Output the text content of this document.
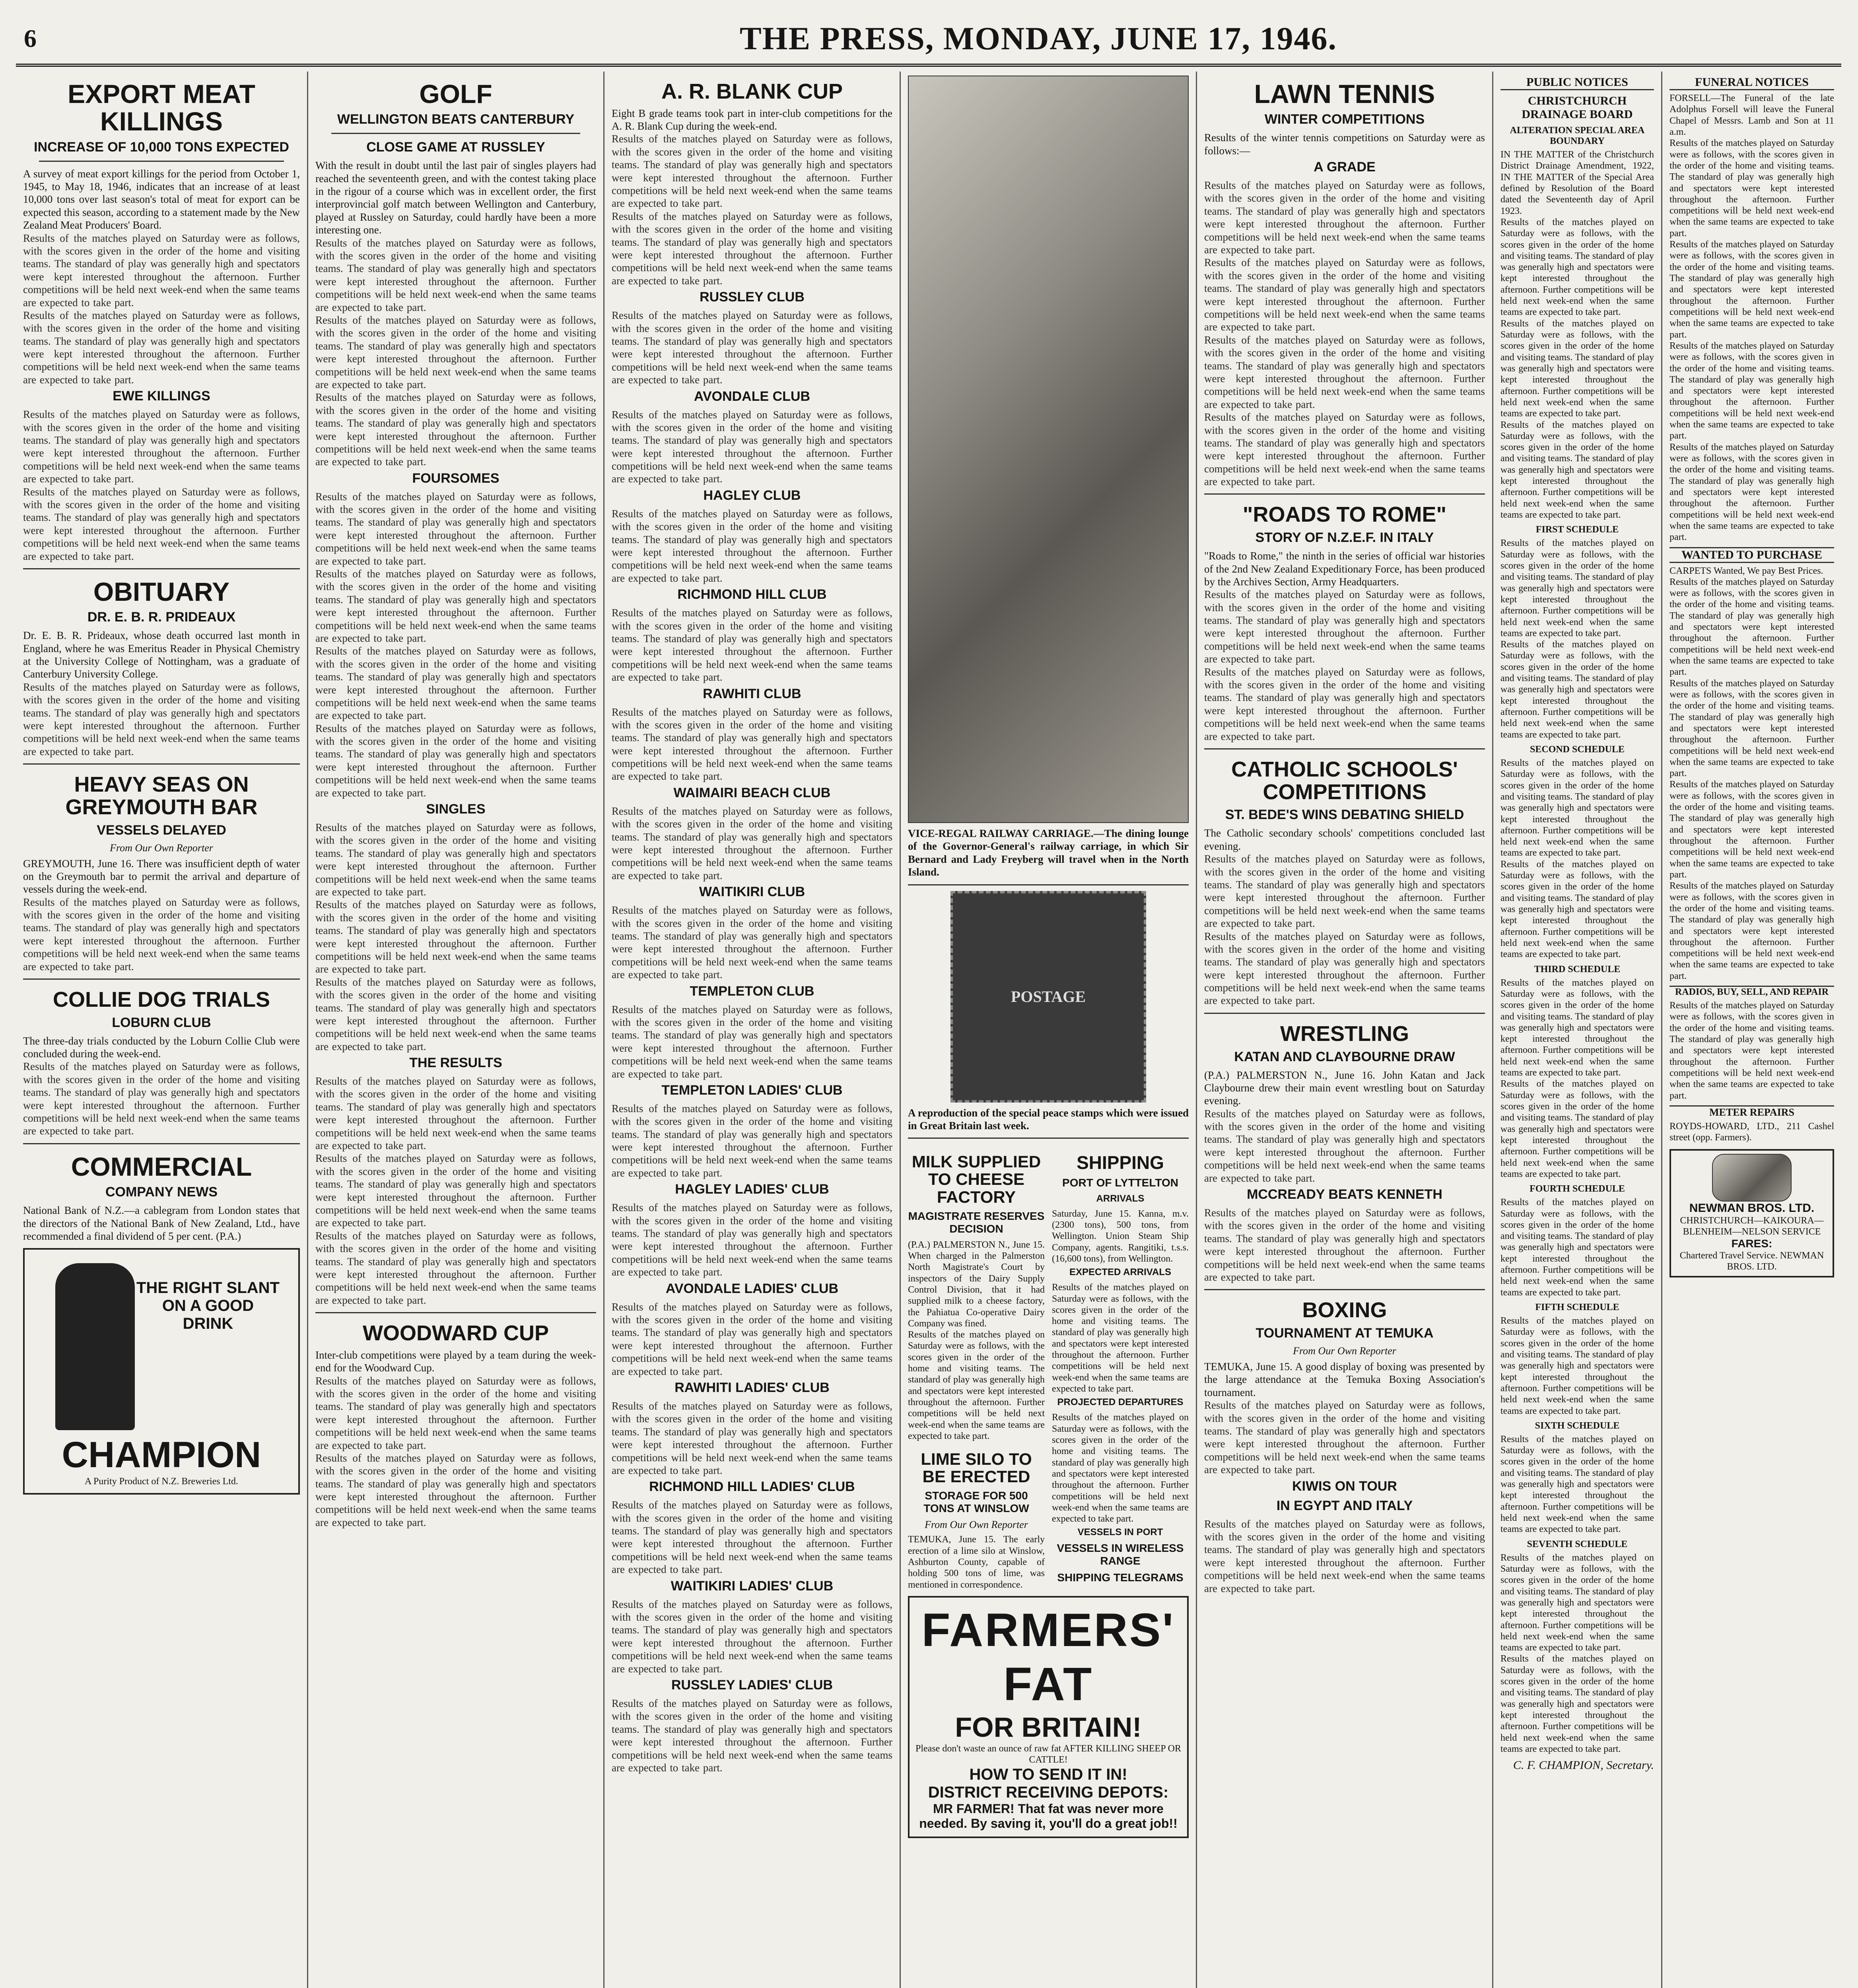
6	THE PRESS, MONDAY, JUNE 17, 1946.
EXPORT MEAT KILLINGS
INCREASE OF 10,000 TONS EXPECTED

A survey of meat export killings for the period from October 1, 1945, to May 18, 1946, indicates that an increase of at least 10,000 tons over last season's total of meat for export can be expected this season, according to a statement made by the New Zealand Meat Producers' Board.

Results of the matches played on Saturday were as follows, with the scores given in the order of the home and visiting teams. The standard of play was generally high and spectators were kept interested throughout the afternoon. Further competitions will be held next week-end when the same teams are expected to take part.

Results of the matches played on Saturday were as follows, with the scores given in the order of the home and visiting teams. The standard of play was generally high and spectators were kept interested throughout the afternoon. Further competitions will be held next week-end when the same teams are expected to take part.

EWE KILLINGS

Results of the matches played on Saturday were as follows, with the scores given in the order of the home and visiting teams. The standard of play was generally high and spectators were kept interested throughout the afternoon. Further competitions will be held next week-end when the same teams are expected to take part.

Results of the matches played on Saturday were as follows, with the scores given in the order of the home and visiting teams. The standard of play was generally high and spectators were kept interested throughout the afternoon. Further competitions will be held next week-end when the same teams are expected to take part.

OBITUARY
DR. E. B. R. PRIDEAUX

Dr. E. B. R. Prideaux, whose death occurred last month in England, where he was Emeritus Reader in Physical Chemistry at the University College of Nottingham, was a graduate of Canterbury University College.

Results of the matches played on Saturday were as follows, with the scores given in the order of the home and visiting teams. The standard of play was generally high and spectators were kept interested throughout the afternoon. Further competitions will be held next week-end when the same teams are expected to take part.

HEAVY SEAS ON GREYMOUTH BAR
VESSELS DELAYED
From Our Own Reporter

GREYMOUTH, June 16. There was insufficient depth of water on the Greymouth bar to permit the arrival and departure of vessels during the week-end.

Results of the matches played on Saturday were as follows, with the scores given in the order of the home and visiting teams. The standard of play was generally high and spectators were kept interested throughout the afternoon. Further competitions will be held next week-end when the same teams are expected to take part.

COLLIE DOG TRIALS
LOBURN CLUB

The three-day trials conducted by the Loburn Collie Club were concluded during the week-end.

Results of the matches played on Saturday were as follows, with the scores given in the order of the home and visiting teams. The standard of play was generally high and spectators were kept interested throughout the afternoon. Further competitions will be held next week-end when the same teams are expected to take part.

COMMERCIAL
COMPANY NEWS

National Bank of N.Z.—a cablegram from London states that the directors of the National Bank of New Zealand, Ltd., have recommended a final dividend of 5 per cent. (P.A.)

THE RIGHT SLANT ON A GOOD DRINK
CHAMPION
A Purity Product of N.Z. Breweries Ltd.
GOLF
WELLINGTON BEATS CANTERBURY
CLOSE GAME AT RUSSLEY

With the result in doubt until the last pair of singles players had reached the seventeenth green, and with the contest taking place in the rigour of a course which was in excellent order, the first interprovincial golf match between Wellington and Canterbury, played at Russley on Saturday, could hardly have been a more interesting one.

Results of the matches played on Saturday were as follows, with the scores given in the order of the home and visiting teams. The standard of play was generally high and spectators were kept interested throughout the afternoon. Further competitions will be held next week-end when the same teams are expected to take part.

Results of the matches played on Saturday were as follows, with the scores given in the order of the home and visiting teams. The standard of play was generally high and spectators were kept interested throughout the afternoon. Further competitions will be held next week-end when the same teams are expected to take part.

Results of the matches played on Saturday were as follows, with the scores given in the order of the home and visiting teams. The standard of play was generally high and spectators were kept interested throughout the afternoon. Further competitions will be held next week-end when the same teams are expected to take part.

FOURSOMES

Results of the matches played on Saturday were as follows, with the scores given in the order of the home and visiting teams. The standard of play was generally high and spectators were kept interested throughout the afternoon. Further competitions will be held next week-end when the same teams are expected to take part.

Results of the matches played on Saturday were as follows, with the scores given in the order of the home and visiting teams. The standard of play was generally high and spectators were kept interested throughout the afternoon. Further competitions will be held next week-end when the same teams are expected to take part.

Results of the matches played on Saturday were as follows, with the scores given in the order of the home and visiting teams. The standard of play was generally high and spectators were kept interested throughout the afternoon. Further competitions will be held next week-end when the same teams are expected to take part.

Results of the matches played on Saturday were as follows, with the scores given in the order of the home and visiting teams. The standard of play was generally high and spectators were kept interested throughout the afternoon. Further competitions will be held next week-end when the same teams are expected to take part.

SINGLES

Results of the matches played on Saturday were as follows, with the scores given in the order of the home and visiting teams. The standard of play was generally high and spectators were kept interested throughout the afternoon. Further competitions will be held next week-end when the same teams are expected to take part.

Results of the matches played on Saturday were as follows, with the scores given in the order of the home and visiting teams. The standard of play was generally high and spectators were kept interested throughout the afternoon. Further competitions will be held next week-end when the same teams are expected to take part.

Results of the matches played on Saturday were as follows, with the scores given in the order of the home and visiting teams. The standard of play was generally high and spectators were kept interested throughout the afternoon. Further competitions will be held next week-end when the same teams are expected to take part.

THE RESULTS

Results of the matches played on Saturday were as follows, with the scores given in the order of the home and visiting teams. The standard of play was generally high and spectators were kept interested throughout the afternoon. Further competitions will be held next week-end when the same teams are expected to take part.

Results of the matches played on Saturday were as follows, with the scores given in the order of the home and visiting teams. The standard of play was generally high and spectators were kept interested throughout the afternoon. Further competitions will be held next week-end when the same teams are expected to take part.

Results of the matches played on Saturday were as follows, with the scores given in the order of the home and visiting teams. The standard of play was generally high and spectators were kept interested throughout the afternoon. Further competitions will be held next week-end when the same teams are expected to take part.

WOODWARD CUP

Inter-club competitions were played by a team during the week-end for the Woodward Cup.

Results of the matches played on Saturday were as follows, with the scores given in the order of the home and visiting teams. The standard of play was generally high and spectators were kept interested throughout the afternoon. Further competitions will be held next week-end when the same teams are expected to take part.

Results of the matches played on Saturday were as follows, with the scores given in the order of the home and visiting teams. The standard of play was generally high and spectators were kept interested throughout the afternoon. Further competitions will be held next week-end when the same teams are expected to take part.

A. R. BLANK CUP

Eight B grade teams took part in inter-club competitions for the A. R. Blank Cup during the week-end.

Results of the matches played on Saturday were as follows, with the scores given in the order of the home and visiting teams. The standard of play was generally high and spectators were kept interested throughout the afternoon. Further competitions will be held next week-end when the same teams are expected to take part.

Results of the matches played on Saturday were as follows, with the scores given in the order of the home and visiting teams. The standard of play was generally high and spectators were kept interested throughout the afternoon. Further competitions will be held next week-end when the same teams are expected to take part.

RUSSLEY CLUB

Results of the matches played on Saturday were as follows, with the scores given in the order of the home and visiting teams. The standard of play was generally high and spectators were kept interested throughout the afternoon. Further competitions will be held next week-end when the same teams are expected to take part.

AVONDALE CLUB

Results of the matches played on Saturday were as follows, with the scores given in the order of the home and visiting teams. The standard of play was generally high and spectators were kept interested throughout the afternoon. Further competitions will be held next week-end when the same teams are expected to take part.

HAGLEY CLUB

Results of the matches played on Saturday were as follows, with the scores given in the order of the home and visiting teams. The standard of play was generally high and spectators were kept interested throughout the afternoon. Further competitions will be held next week-end when the same teams are expected to take part.

RICHMOND HILL CLUB

Results of the matches played on Saturday were as follows, with the scores given in the order of the home and visiting teams. The standard of play was generally high and spectators were kept interested throughout the afternoon. Further competitions will be held next week-end when the same teams are expected to take part.

RAWHITI CLUB

Results of the matches played on Saturday were as follows, with the scores given in the order of the home and visiting teams. The standard of play was generally high and spectators were kept interested throughout the afternoon. Further competitions will be held next week-end when the same teams are expected to take part.

WAIMAIRI BEACH CLUB

Results of the matches played on Saturday were as follows, with the scores given in the order of the home and visiting teams. The standard of play was generally high and spectators were kept interested throughout the afternoon. Further competitions will be held next week-end when the same teams are expected to take part.

WAITIKIRI CLUB

Results of the matches played on Saturday were as follows, with the scores given in the order of the home and visiting teams. The standard of play was generally high and spectators were kept interested throughout the afternoon. Further competitions will be held next week-end when the same teams are expected to take part.

TEMPLETON CLUB

Results of the matches played on Saturday were as follows, with the scores given in the order of the home and visiting teams. The standard of play was generally high and spectators were kept interested throughout the afternoon. Further competitions will be held next week-end when the same teams are expected to take part.

TEMPLETON LADIES' CLUB

Results of the matches played on Saturday were as follows, with the scores given in the order of the home and visiting teams. The standard of play was generally high and spectators were kept interested throughout the afternoon. Further competitions will be held next week-end when the same teams are expected to take part.

HAGLEY LADIES' CLUB

Results of the matches played on Saturday were as follows, with the scores given in the order of the home and visiting teams. The standard of play was generally high and spectators were kept interested throughout the afternoon. Further competitions will be held next week-end when the same teams are expected to take part.

AVONDALE LADIES' CLUB

Results of the matches played on Saturday were as follows, with the scores given in the order of the home and visiting teams. The standard of play was generally high and spectators were kept interested throughout the afternoon. Further competitions will be held next week-end when the same teams are expected to take part.

RAWHITI LADIES' CLUB

Results of the matches played on Saturday were as follows, with the scores given in the order of the home and visiting teams. The standard of play was generally high and spectators were kept interested throughout the afternoon. Further competitions will be held next week-end when the same teams are expected to take part.

RICHMOND HILL LADIES' CLUB

Results of the matches played on Saturday were as follows, with the scores given in the order of the home and visiting teams. The standard of play was generally high and spectators were kept interested throughout the afternoon. Further competitions will be held next week-end when the same teams are expected to take part.

WAITIKIRI LADIES' CLUB

Results of the matches played on Saturday were as follows, with the scores given in the order of the home and visiting teams. The standard of play was generally high and spectators were kept interested throughout the afternoon. Further competitions will be held next week-end when the same teams are expected to take part.

RUSSLEY LADIES' CLUB

Results of the matches played on Saturday were as follows, with the scores given in the order of the home and visiting teams. The standard of play was generally high and spectators were kept interested throughout the afternoon. Further competitions will be held next week-end when the same teams are expected to take part.

VICE-REGAL RAILWAY CARRIAGE.—The dining lounge of the Governor-General's railway carriage, in which Sir Bernard and Lady Freyberg will travel when in the North Island.

POSTAGE

A reproduction of the special peace stamps which were issued in Great Britain last week.

MILK SUPPLIED TO CHEESE FACTORY
MAGISTRATE RESERVES DECISION

(P.A.) PALMERSTON N., June 15. When charged in the Palmerston North Magistrate's Court by inspectors of the Dairy Supply Control Division, that it had supplied milk to a cheese factory, the Pahiatua Co-operative Dairy Company was fined.

Results of the matches played on Saturday were as follows, with the scores given in the order of the home and visiting teams. The standard of play was generally high and spectators were kept interested throughout the afternoon. Further competitions will be held next week-end when the same teams are expected to take part.

LIME SILO TO BE ERECTED
STORAGE FOR 500 TONS AT WINSLOW
From Our Own Reporter

TEMUKA, June 15. The early erection of a lime silo at Winslow, Ashburton County, capable of holding 500 tons of lime, was mentioned in correspondence.

SHIPPING
PORT OF LYTTELTON
ARRIVALS

Saturday, June 15. Kanna, m.v. (2300 tons), 500 tons, from Wellington. Union Steam Ship Company, agents. Rangitiki, t.s.s. (16,600 tons), from Wellington.

EXPECTED ARRIVALS

Results of the matches played on Saturday were as follows, with the scores given in the order of the home and visiting teams. The standard of play was generally high and spectators were kept interested throughout the afternoon. Further competitions will be held next week-end when the same teams are expected to take part.

PROJECTED DEPARTURES

Results of the matches played on Saturday were as follows, with the scores given in the order of the home and visiting teams. The standard of play was generally high and spectators were kept interested throughout the afternoon. Further competitions will be held next week-end when the same teams are expected to take part.

VESSELS IN PORT
VESSELS IN WIRELESS RANGE
SHIPPING TELEGRAMS
FARMERS' FAT
FOR BRITAIN!

Please don't waste an ounce of raw fat AFTER KILLING SHEEP OR CATTLE!

HOW TO SEND IT IN!
DISTRICT RECEIVING DEPOTS:
MR FARMER! That fat was never more needed. By saving it, you'll do a great job!!
LAWN TENNIS
WINTER COMPETITIONS

Results of the winter tennis competitions on Saturday were as follows:—

A GRADE

Results of the matches played on Saturday were as follows, with the scores given in the order of the home and visiting teams. The standard of play was generally high and spectators were kept interested throughout the afternoon. Further competitions will be held next week-end when the same teams are expected to take part.

Results of the matches played on Saturday were as follows, with the scores given in the order of the home and visiting teams. The standard of play was generally high and spectators were kept interested throughout the afternoon. Further competitions will be held next week-end when the same teams are expected to take part.

Results of the matches played on Saturday were as follows, with the scores given in the order of the home and visiting teams. The standard of play was generally high and spectators were kept interested throughout the afternoon. Further competitions will be held next week-end when the same teams are expected to take part.

Results of the matches played on Saturday were as follows, with the scores given in the order of the home and visiting teams. The standard of play was generally high and spectators were kept interested throughout the afternoon. Further competitions will be held next week-end when the same teams are expected to take part.

"ROADS TO ROME"
STORY OF N.Z.E.F. IN ITALY

"Roads to Rome," the ninth in the series of official war histories of the 2nd New Zealand Expeditionary Force, has been produced by the Archives Section, Army Headquarters.

Results of the matches played on Saturday were as follows, with the scores given in the order of the home and visiting teams. The standard of play was generally high and spectators were kept interested throughout the afternoon. Further competitions will be held next week-end when the same teams are expected to take part.

Results of the matches played on Saturday were as follows, with the scores given in the order of the home and visiting teams. The standard of play was generally high and spectators were kept interested throughout the afternoon. Further competitions will be held next week-end when the same teams are expected to take part.

CATHOLIC SCHOOLS' COMPETITIONS
ST. BEDE'S WINS DEBATING SHIELD

The Catholic secondary schools' competitions concluded last evening.

Results of the matches played on Saturday were as follows, with the scores given in the order of the home and visiting teams. The standard of play was generally high and spectators were kept interested throughout the afternoon. Further competitions will be held next week-end when the same teams are expected to take part.

Results of the matches played on Saturday were as follows, with the scores given in the order of the home and visiting teams. The standard of play was generally high and spectators were kept interested throughout the afternoon. Further competitions will be held next week-end when the same teams are expected to take part.

WRESTLING
KATAN AND CLAYBOURNE DRAW

(P.A.) PALMERSTON N., June 16. John Katan and Jack Claybourne drew their main event wrestling bout on Saturday evening.

Results of the matches played on Saturday were as follows, with the scores given in the order of the home and visiting teams. The standard of play was generally high and spectators were kept interested throughout the afternoon. Further competitions will be held next week-end when the same teams are expected to take part.

MCCREADY BEATS KENNETH

Results of the matches played on Saturday were as follows, with the scores given in the order of the home and visiting teams. The standard of play was generally high and spectators were kept interested throughout the afternoon. Further competitions will be held next week-end when the same teams are expected to take part.

BOXING
TOURNAMENT AT TEMUKA
From Our Own Reporter

TEMUKA, June 15. A good display of boxing was presented by the large attendance at the Temuka Boxing Association's tournament.

Results of the matches played on Saturday were as follows, with the scores given in the order of the home and visiting teams. The standard of play was generally high and spectators were kept interested throughout the afternoon. Further competitions will be held next week-end when the same teams are expected to take part.

KIWIS ON TOUR
IN EGYPT AND ITALY

Results of the matches played on Saturday were as follows, with the scores given in the order of the home and visiting teams. The standard of play was generally high and spectators were kept interested throughout the afternoon. Further competitions will be held next week-end when the same teams are expected to take part.

PUBLIC NOTICES
CHRISTCHURCH DRAINAGE BOARD
ALTERATION SPECIAL AREA BOUNDARY

IN THE MATTER of the Christchurch District Drainage Amendment, 1922, IN THE MATTER of the Special Area defined by Resolution of the Board dated the Seventeenth day of April 1923.

Results of the matches played on Saturday were as follows, with the scores given in the order of the home and visiting teams. The standard of play was generally high and spectators were kept interested throughout the afternoon. Further competitions will be held next week-end when the same teams are expected to take part.

Results of the matches played on Saturday were as follows, with the scores given in the order of the home and visiting teams. The standard of play was generally high and spectators were kept interested throughout the afternoon. Further competitions will be held next week-end when the same teams are expected to take part.

Results of the matches played on Saturday were as follows, with the scores given in the order of the home and visiting teams. The standard of play was generally high and spectators were kept interested throughout the afternoon. Further competitions will be held next week-end when the same teams are expected to take part.

FIRST SCHEDULE

Results of the matches played on Saturday were as follows, with the scores given in the order of the home and visiting teams. The standard of play was generally high and spectators were kept interested throughout the afternoon. Further competitions will be held next week-end when the same teams are expected to take part.

Results of the matches played on Saturday were as follows, with the scores given in the order of the home and visiting teams. The standard of play was generally high and spectators were kept interested throughout the afternoon. Further competitions will be held next week-end when the same teams are expected to take part.

SECOND SCHEDULE

Results of the matches played on Saturday were as follows, with the scores given in the order of the home and visiting teams. The standard of play was generally high and spectators were kept interested throughout the afternoon. Further competitions will be held next week-end when the same teams are expected to take part.

Results of the matches played on Saturday were as follows, with the scores given in the order of the home and visiting teams. The standard of play was generally high and spectators were kept interested throughout the afternoon. Further competitions will be held next week-end when the same teams are expected to take part.

THIRD SCHEDULE

Results of the matches played on Saturday were as follows, with the scores given in the order of the home and visiting teams. The standard of play was generally high and spectators were kept interested throughout the afternoon. Further competitions will be held next week-end when the same teams are expected to take part.

Results of the matches played on Saturday were as follows, with the scores given in the order of the home and visiting teams. The standard of play was generally high and spectators were kept interested throughout the afternoon. Further competitions will be held next week-end when the same teams are expected to take part.

FOURTH SCHEDULE

Results of the matches played on Saturday were as follows, with the scores given in the order of the home and visiting teams. The standard of play was generally high and spectators were kept interested throughout the afternoon. Further competitions will be held next week-end when the same teams are expected to take part.

FIFTH SCHEDULE

Results of the matches played on Saturday were as follows, with the scores given in the order of the home and visiting teams. The standard of play was generally high and spectators were kept interested throughout the afternoon. Further competitions will be held next week-end when the same teams are expected to take part.

SIXTH SCHEDULE

Results of the matches played on Saturday were as follows, with the scores given in the order of the home and visiting teams. The standard of play was generally high and spectators were kept interested throughout the afternoon. Further competitions will be held next week-end when the same teams are expected to take part.

SEVENTH SCHEDULE

Results of the matches played on Saturday were as follows, with the scores given in the order of the home and visiting teams. The standard of play was generally high and spectators were kept interested throughout the afternoon. Further competitions will be held next week-end when the same teams are expected to take part.

Results of the matches played on Saturday were as follows, with the scores given in the order of the home and visiting teams. The standard of play was generally high and spectators were kept interested throughout the afternoon. Further competitions will be held next week-end when the same teams are expected to take part.

C. F. CHAMPION, Secretary.
FUNERAL NOTICES

FORSELL—The Funeral of the late Adolphus Forsell will leave the Funeral Chapel of Messrs. Lamb and Son at 11 a.m.

Results of the matches played on Saturday were as follows, with the scores given in the order of the home and visiting teams. The standard of play was generally high and spectators were kept interested throughout the afternoon. Further competitions will be held next week-end when the same teams are expected to take part.

Results of the matches played on Saturday were as follows, with the scores given in the order of the home and visiting teams. The standard of play was generally high and spectators were kept interested throughout the afternoon. Further competitions will be held next week-end when the same teams are expected to take part.

Results of the matches played on Saturday were as follows, with the scores given in the order of the home and visiting teams. The standard of play was generally high and spectators were kept interested throughout the afternoon. Further competitions will be held next week-end when the same teams are expected to take part.

Results of the matches played on Saturday were as follows, with the scores given in the order of the home and visiting teams. The standard of play was generally high and spectators were kept interested throughout the afternoon. Further competitions will be held next week-end when the same teams are expected to take part.

WANTED TO PURCHASE

CARPETS Wanted, We pay Best Prices.

Results of the matches played on Saturday were as follows, with the scores given in the order of the home and visiting teams. The standard of play was generally high and spectators were kept interested throughout the afternoon. Further competitions will be held next week-end when the same teams are expected to take part.

Results of the matches played on Saturday were as follows, with the scores given in the order of the home and visiting teams. The standard of play was generally high and spectators were kept interested throughout the afternoon. Further competitions will be held next week-end when the same teams are expected to take part.

Results of the matches played on Saturday were as follows, with the scores given in the order of the home and visiting teams. The standard of play was generally high and spectators were kept interested throughout the afternoon. Further competitions will be held next week-end when the same teams are expected to take part.

Results of the matches played on Saturday were as follows, with the scores given in the order of the home and visiting teams. The standard of play was generally high and spectators were kept interested throughout the afternoon. Further competitions will be held next week-end when the same teams are expected to take part.

RADIOS, BUY, SELL, AND REPAIR

Results of the matches played on Saturday were as follows, with the scores given in the order of the home and visiting teams. The standard of play was generally high and spectators were kept interested throughout the afternoon. Further competitions will be held next week-end when the same teams are expected to take part.

METER REPAIRS

ROYDS-HOWARD, LTD., 211 Cashel street (opp. Farmers).

NEWMAN BROS. LTD.

CHRISTCHURCH—KAIKOURA—BLENHEIM—NELSON SERVICE

FARES:

Chartered Travel Service. NEWMAN BROS. LTD.
